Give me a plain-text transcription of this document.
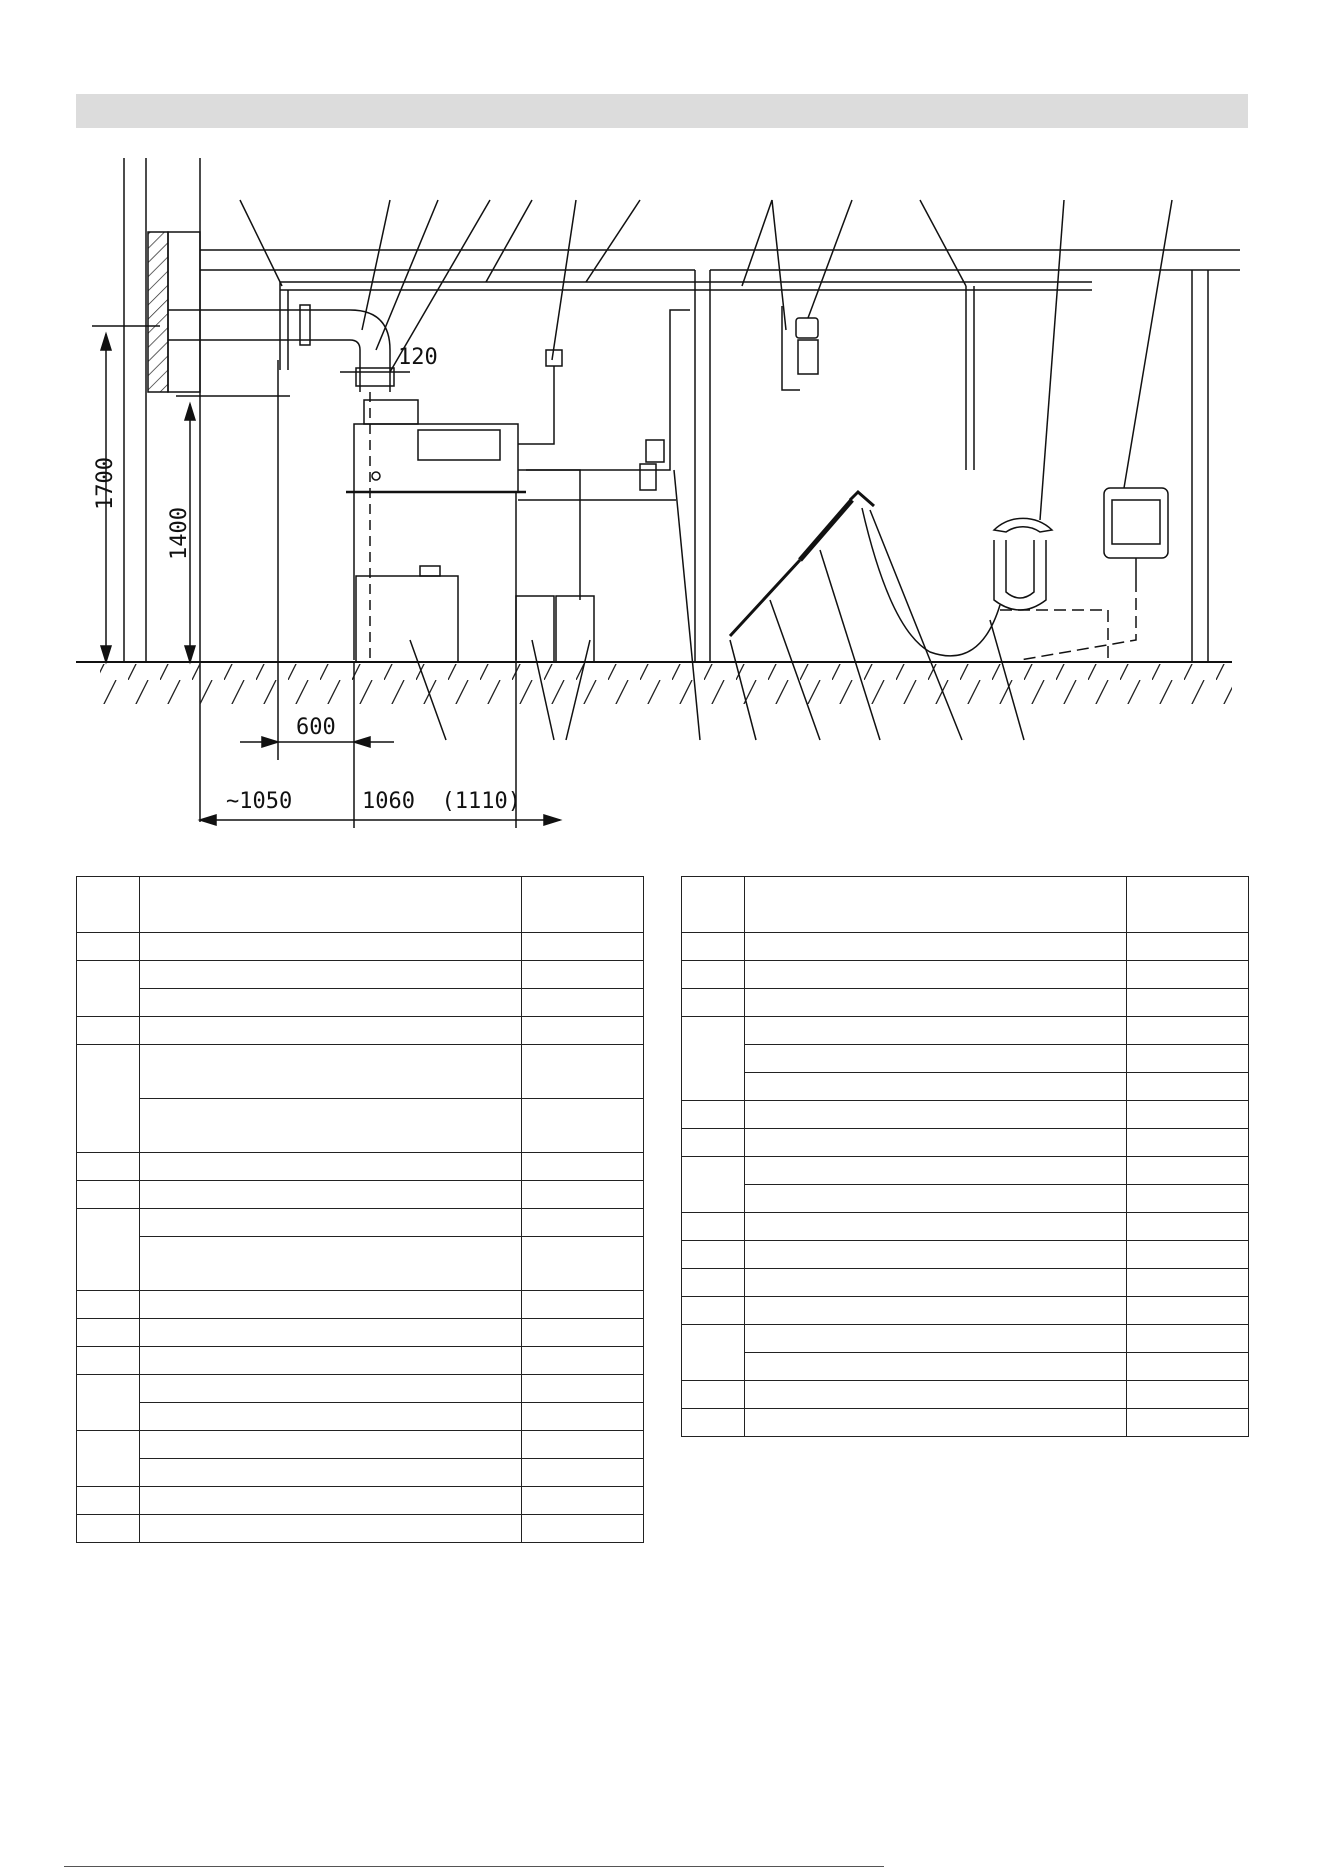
1700
1400
120
600
~1050	1060  (1110)
